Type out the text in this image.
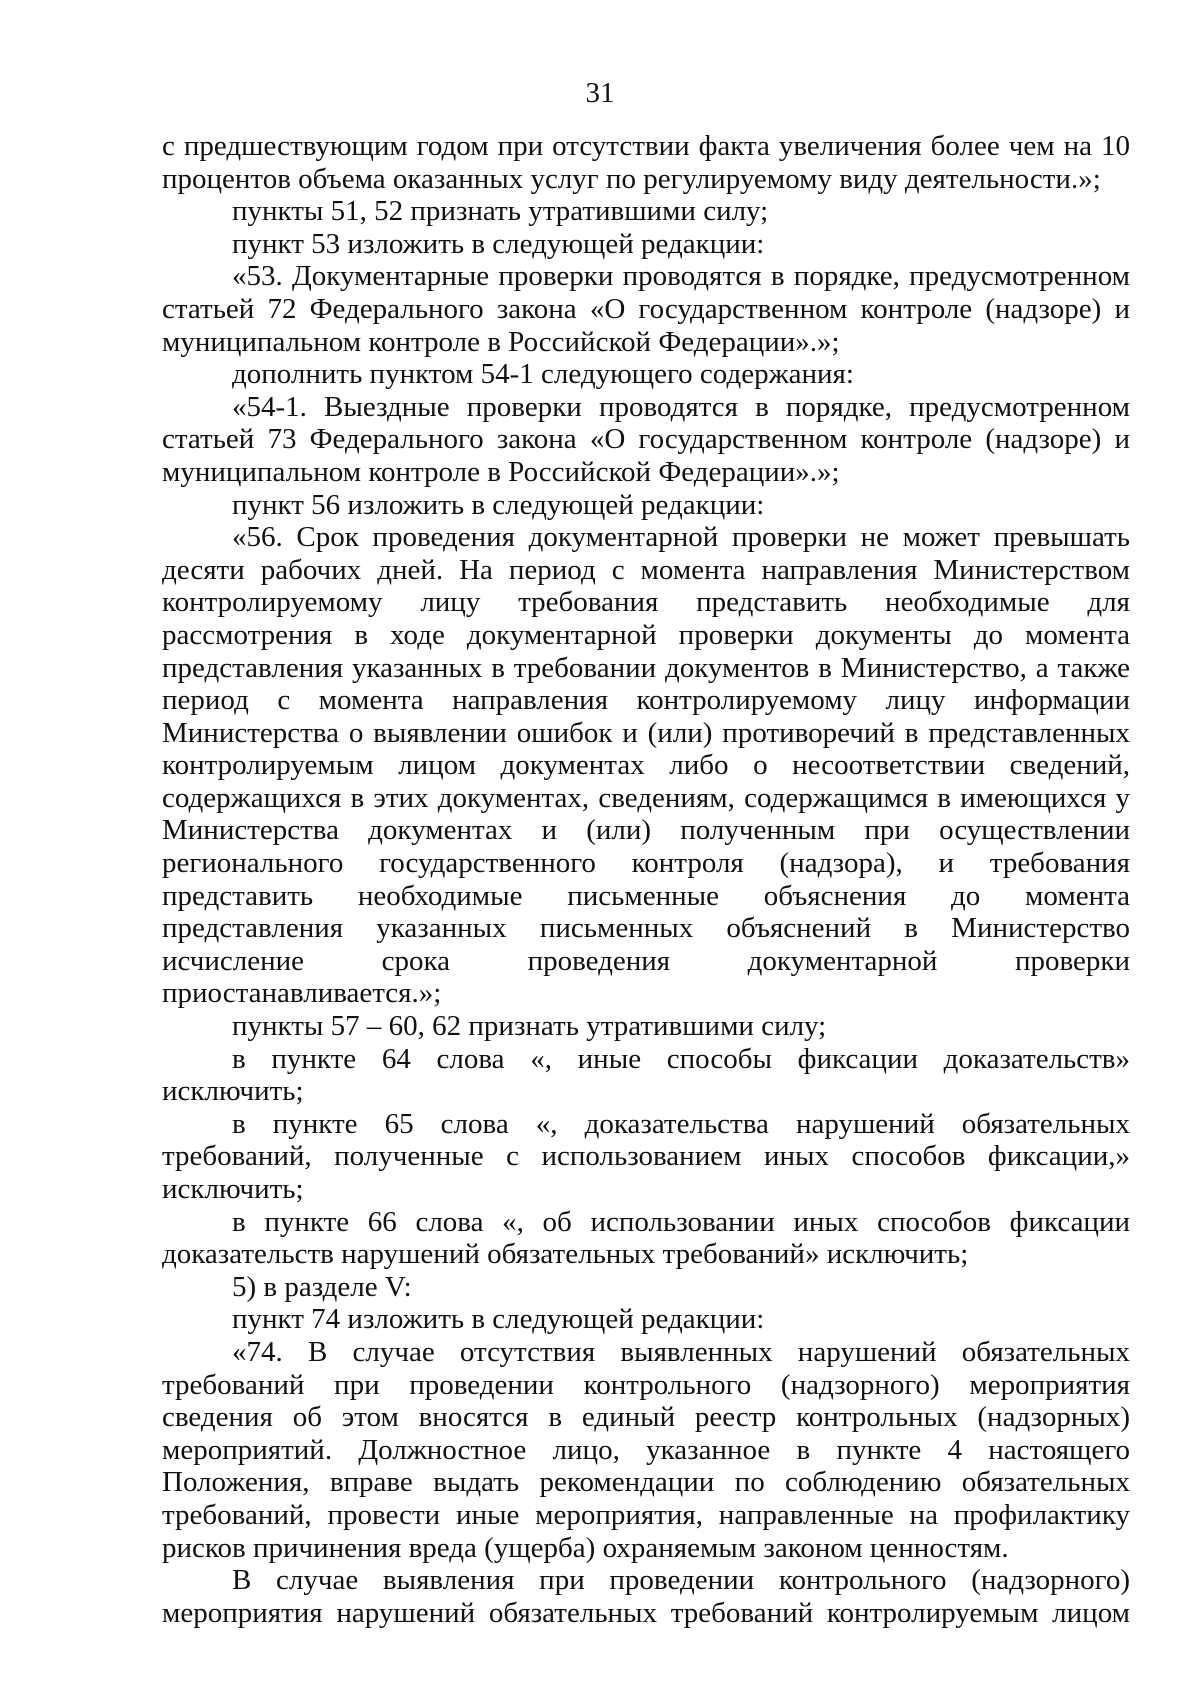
31

с предшествующим годом при отсутствии факта увеличения более чем на 10 процентов объема оказанных услуг по регулируемому виду деятельности.»;

пункты 51, 52 признать утратившими силу;

пункт 53 изложить в следующей редакции:

«53. Документарные проверки проводятся в порядке, предусмотренном статьей 72 Федерального закона «О государственном контроле (надзоре) и муниципальном контроле в Российской Федерации».»;

дополнить пунктом 54-1 следующего содержания:

«54-1. Выездные проверки проводятся в порядке, предусмотренном статьей 73 Федерального закона «О государственном контроле (надзоре) и муниципальном контроле в Российской Федерации».»;

пункт 56 изложить в следующей редакции:

«56. Срок проведения документарной проверки не может превышать десяти рабочих дней. На период с момента направления Министерством контролируемому лицу требования представить необходимые для рассмотрения в ходе документарной проверки документы до момента представления указанных в требовании документов в Министерство, а также период с момента направления контролируемому лицу информации Министерства о выявлении ошибок и (или) противоречий в представленных контролируемым лицом документах либо о несоответствии сведений, содержащихся в этих документах, сведениям, содержащимся в имеющихся у Министерства документах и (или) полученным при осуществлении регионального государственного контроля (надзора), и требования представить необходимые письменные объяснения до момента представления указанных письменных объяснений в Министерство исчисление срока проведения документарной проверки приостанавливается.»;

пункты 57 – 60, 62 признать утратившими силу;

в пункте 64 слова «, иные способы фиксации доказательств» исключить;

в пункте 65 слова «, доказательства нарушений обязательных требований, полученные с использованием иных способов фиксации,» исключить;

в пункте 66 слова «, об использовании иных способов фиксации доказательств нарушений обязательных требований» исключить;

5) в разделе V:

пункт 74 изложить в следующей редакции:

«74. В случае отсутствия выявленных нарушений обязательных требований при проведении контрольного (надзорного) мероприятия сведения об этом вносятся в единый реестр контрольных (надзорных) мероприятий. Должностное лицо, указанное в пункте 4 настоящего Положения, вправе выдать рекомендации по соблюдению обязательных требований, провести иные мероприятия, направленные на профилактику рисков причинения вреда (ущерба) охраняемым законом ценностям.

В случае выявления при проведении контрольного (надзорного) мероприятия нарушений обязательных требований контролируемым лицом
